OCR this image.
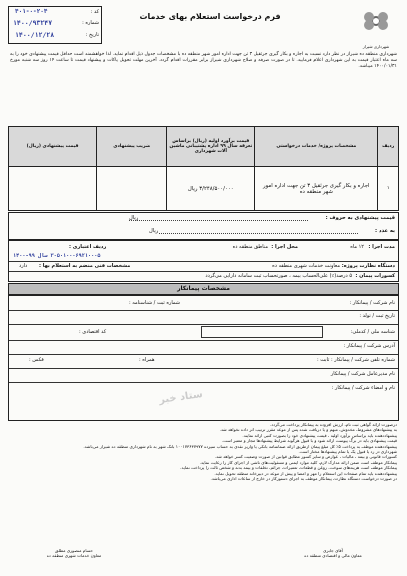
شهرداری شیراز
فرم درخواست استعلام بهای خدمات
کد :
۴۰۱-۰-۲۰۴
شماره :
۱۴۰۰/۹۳۲۴۷
تاریخ :
۱۴۰۰/۱۲/۲۸
شهرداری منطقه ده شیراز در نظر دارد نسبت به اجاره و بکار گیری جرثقیل ۳ تن جهت اداره امور شهر منطقه ده با مشخصات جدول ذیل اقدام نماید. لذا خواهشمند است حداقل قیمت پیشنهادی خود را به سه ماه اعتبار قیمت به این شهرداری اعلام فرمایید. تا در صورت صرفه و صلاح شهرداری شیراز برابر مقررات اقدام گردد. آخرین مهلت تحویل پاکات و پیشنهاد قیمت تا ساعت ۱۴ روز سه شنبه مورخ ۱۴۰۰/۰۱/۳۱ میباشد.
ردیف	مشخصات پروژه/ خدمات درخواستی	قیمت برآورد اولیه (ریال) براساس تعرفه سال ۹۹ اداره پشتیبانی ماشین آلات شهرداری	ضریب پیشنهادی	قیمت پیشنهادی (ریال)
۱	اجاره و بکار گیری جرثقیل ۳ تن جهت اداره امور شهر منطقه ده	۳/۲۴۸/۵۰۰/۰۰۰ ریال		
قیمت پیشنهادی به حروف :
ریال
به عدد :
ریال
مدت اجرا :
۱۲ ماه
محل اجرا :
مناطق منطقه ده
ردیف اعتباری :
۳۰۵۰۱۰۰۰۶۹۲۱۰۰۰۵ سال ۹۹-۱۴۰۰
دستگاه نظارت پروژه:
معاونت خدمات شهری منطقه ده
مشخصات فنی منضم به استعلام بها :
دارد
کسورات پیمان :
۵ درصد(٪) علی‌الحساب بیمه ، صورتحساب ثبت سامانه دارایی می‌گردد
مشخصات پیمانکار
نام شرکت / پیمانکار :
شماره ثبت / شناسنامه :
تاریخ ثبت / تولد :
شناسه ملی / کدملی:
کد اقتصادی :
آدرس شرکت / پیمانکار :
شماره تلفن شرکت / پیمانکار : ثابت :
همراه :
فکس :
نام مدیرعامل شرکت / پیمانکار
نام و امضاء شرکت / پیمانکار :
ستاد خبر
درصورت ارائه گواهی ثبت نام، ارزش افزوده به پیمانکار پرداخت می‌گردد.
به پیشنهادهای مشروط، مخدوش، مبهم و یا دریافت شده پس از موعد مقرر ترتیب اثر داده نخواهد شد.
پیشنهاددهنده باید براساس برآورد اولیه ، قیمت پیشنهادی خود را بصورت کتبی ارائه نمایند.
قیمت پیشنهادی باید در برگ پیوست ارائه شود و با قبول هرگونه شرایط پیشنهادها مجاز و معتبر است.
پیشنهاددهنده موظف به پرداخت ۵٪ کل مبلغ پیمان ازطریق ارائه ضمانتنامه بانکی یا واریز نقدی به حساب سپرده ۱۰۰۱۷۳۶۳۷۹۷۷ بانک شهر به نام شهرداری منطقه ده شیراز می‌باشد.
شهرداری در رد یا قبول یک یا تمام پیشنهادها مختار است.
کسورات قانونی و بیمه ، مالیات ، عوارض و سایر کسور مطابق قوانین از صورت وضعیت کسر خواهد شد.
پیمانکار موظف است ضمن ارائه مدارک لازم، کلیه موارد ایمنی و مسئولیت‌های ناشی از اجرای کار را رعایت نماید.
پیمانکار موظف است هزینه‌های سوخت، روغن و قطعات، تعمیرات، جرائم، تخلفات و بیمه بدنه و شخص ثالث را پرداخت نماید.
پیشنهاددهنده باید تمام صفحات این استعلام را مهر و امضا و پیش از موعد در دبیرخانه منطقه تحویل نماید.
در صورت درخواست دستگاه نظارت، پیمانکار موظف به اجرای دستورکار در خارج از ساعات اداری می‌باشد.
حسام منصوری مطلق
معاون خدمات شهری منطقه ده
آقای جابری
معاون مالی و اقتصادی منطقه ده
